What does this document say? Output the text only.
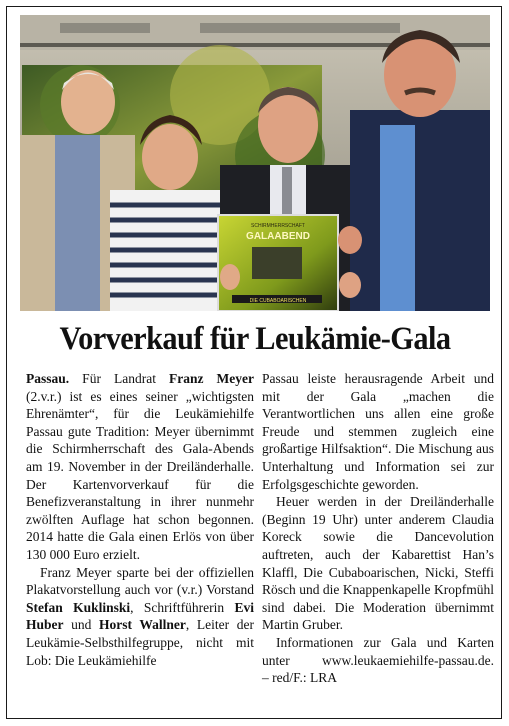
SCHIRMHERRSCHAFT
GALAABEND
DIE CUBABOARISCHEN
Vorverkauf für Leukämie-Gala

Passau. Für Landrat Franz Meyer (2.v.r.) ist es eines seiner „wichtigsten Ehrenämter“, für die Leukämiehilfe Passau gute Tradition: Meyer übernimmt die Schirmherrschaft des Gala-Abends am 19. November in der Dreiländerhalle. Der Kartenvorverkauf für die Benefizveranstaltung in ihrer nunmehr zwölften Auflage hat schon begonnen. 2014 hatte die Gala einen Erlös von über 130 000 Euro erzielt.

Franz Meyer sparte bei der offiziellen Plakatvorstellung auch vor (v.r.) Vorstand Stefan Kuklinski, Schriftführerin Evi Huber und Horst Wallner, Leiter der Leukämie-Selbsthilfegruppe, nicht mit Lob: Die Leukämiehilfe

Passau leiste herausragende Arbeit und mit der Gala „machen die Verantwortlichen uns allen eine große Freude und stemmen zugleich eine großartige Hilfsaktion“. Die Mischung aus Unterhaltung und Information sei zur Erfolgsgeschichte geworden.

Heuer werden in der Dreiländerhalle (Beginn 19 Uhr) unter anderem Claudia Koreck sowie die Dancevolution auftreten, auch der Kabarettist Han’s Klaffl, Die Cubaboarischen, Nicki, Steffi Rösch und die Knappenkapelle Kropfmühl sind dabei. Die Moderation übernimmt Martin Gruber.

Informationen zur Gala und Karten unter www.leukaemiehilfe-passau.de. – red/F.: LRA
